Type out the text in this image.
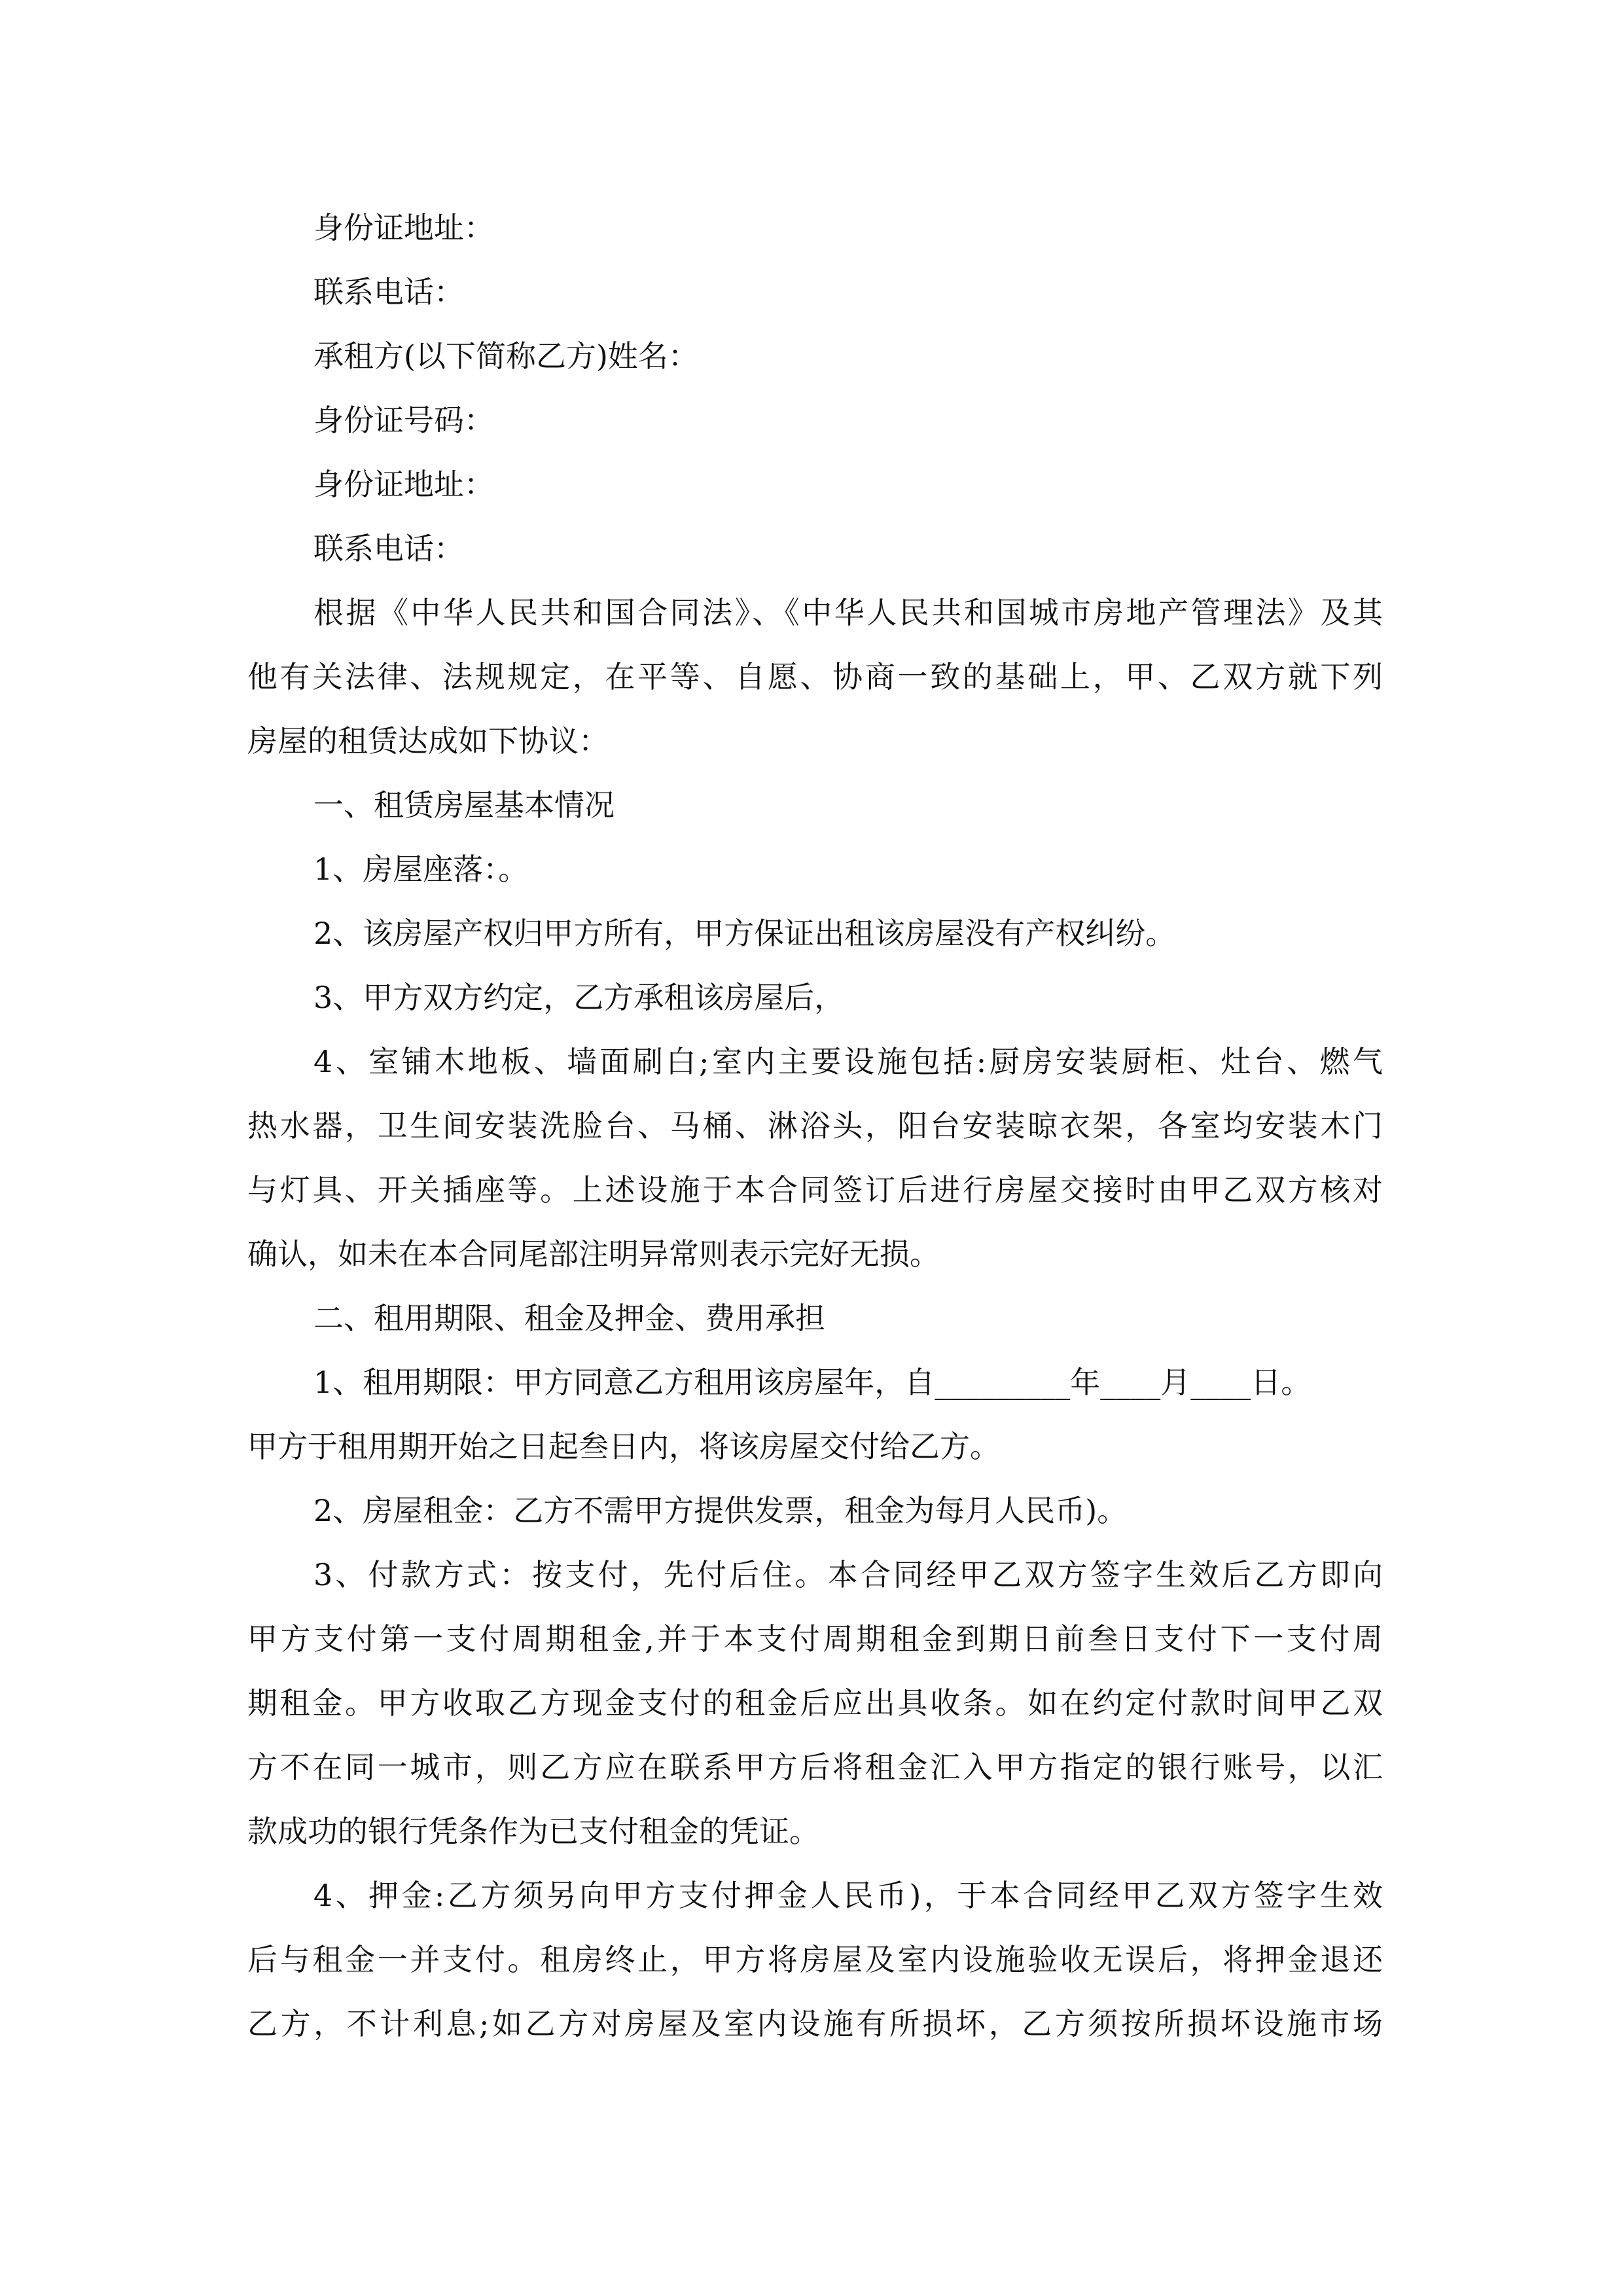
身份证地址：
联系电话：
承租方(以下简称乙方)姓名：
身份证号码：
身份证地址：
联系电话：
根据《中华人民共和国合同法》、《中华人民共和国城市房地产管理法》及其
他有关法律、法规规定，在平等、自愿、协商一致的基础上，甲、乙双方就下列
房屋的租赁达成如下协议：
一、租赁房屋基本情况
1、房屋座落：。
2、该房屋产权归甲方所有，甲方保证出租该房屋没有产权纠纷。
3、甲方双方约定，乙方承租该房屋后，
4、室铺木地板、墙面刷白;室内主要设施包括:厨房安装厨柜、灶台、燃气
热水器，卫生间安装洗脸台、马桶、淋浴头，阳台安装晾衣架，各室均安装木门
与灯具、开关插座等。上述设施于本合同签订后进行房屋交接时由甲乙双方核对
确认，如未在本合同尾部注明异常则表示完好无损。
二、租用期限、租金及押金、费用承担
1、租用期限：甲方同意乙方租用该房屋年，自_________年____月____日。
甲方于租用期开始之日起叁日内，将该房屋交付给乙方。
2、房屋租金：乙方不需甲方提供发票，租金为每月人民币)。
3、付款方式：按支付，先付后住。本合同经甲乙双方签字生效后乙方即向
甲方支付第一支付周期租金,并于本支付周期租金到期日前叁日支付下一支付周
期租金。甲方收取乙方现金支付的租金后应出具收条。如在约定付款时间甲乙双
方不在同一城市，则乙方应在联系甲方后将租金汇入甲方指定的银行账号，以汇
款成功的银行凭条作为已支付租金的凭证。
4、押金:乙方须另向甲方支付押金人民币)，于本合同经甲乙双方签字生效
后与租金一并支付。租房终止，甲方将房屋及室内设施验收无误后，将押金退还
乙方，不计利息;如乙方对房屋及室内设施有所损坏，乙方须按所损坏设施市场
